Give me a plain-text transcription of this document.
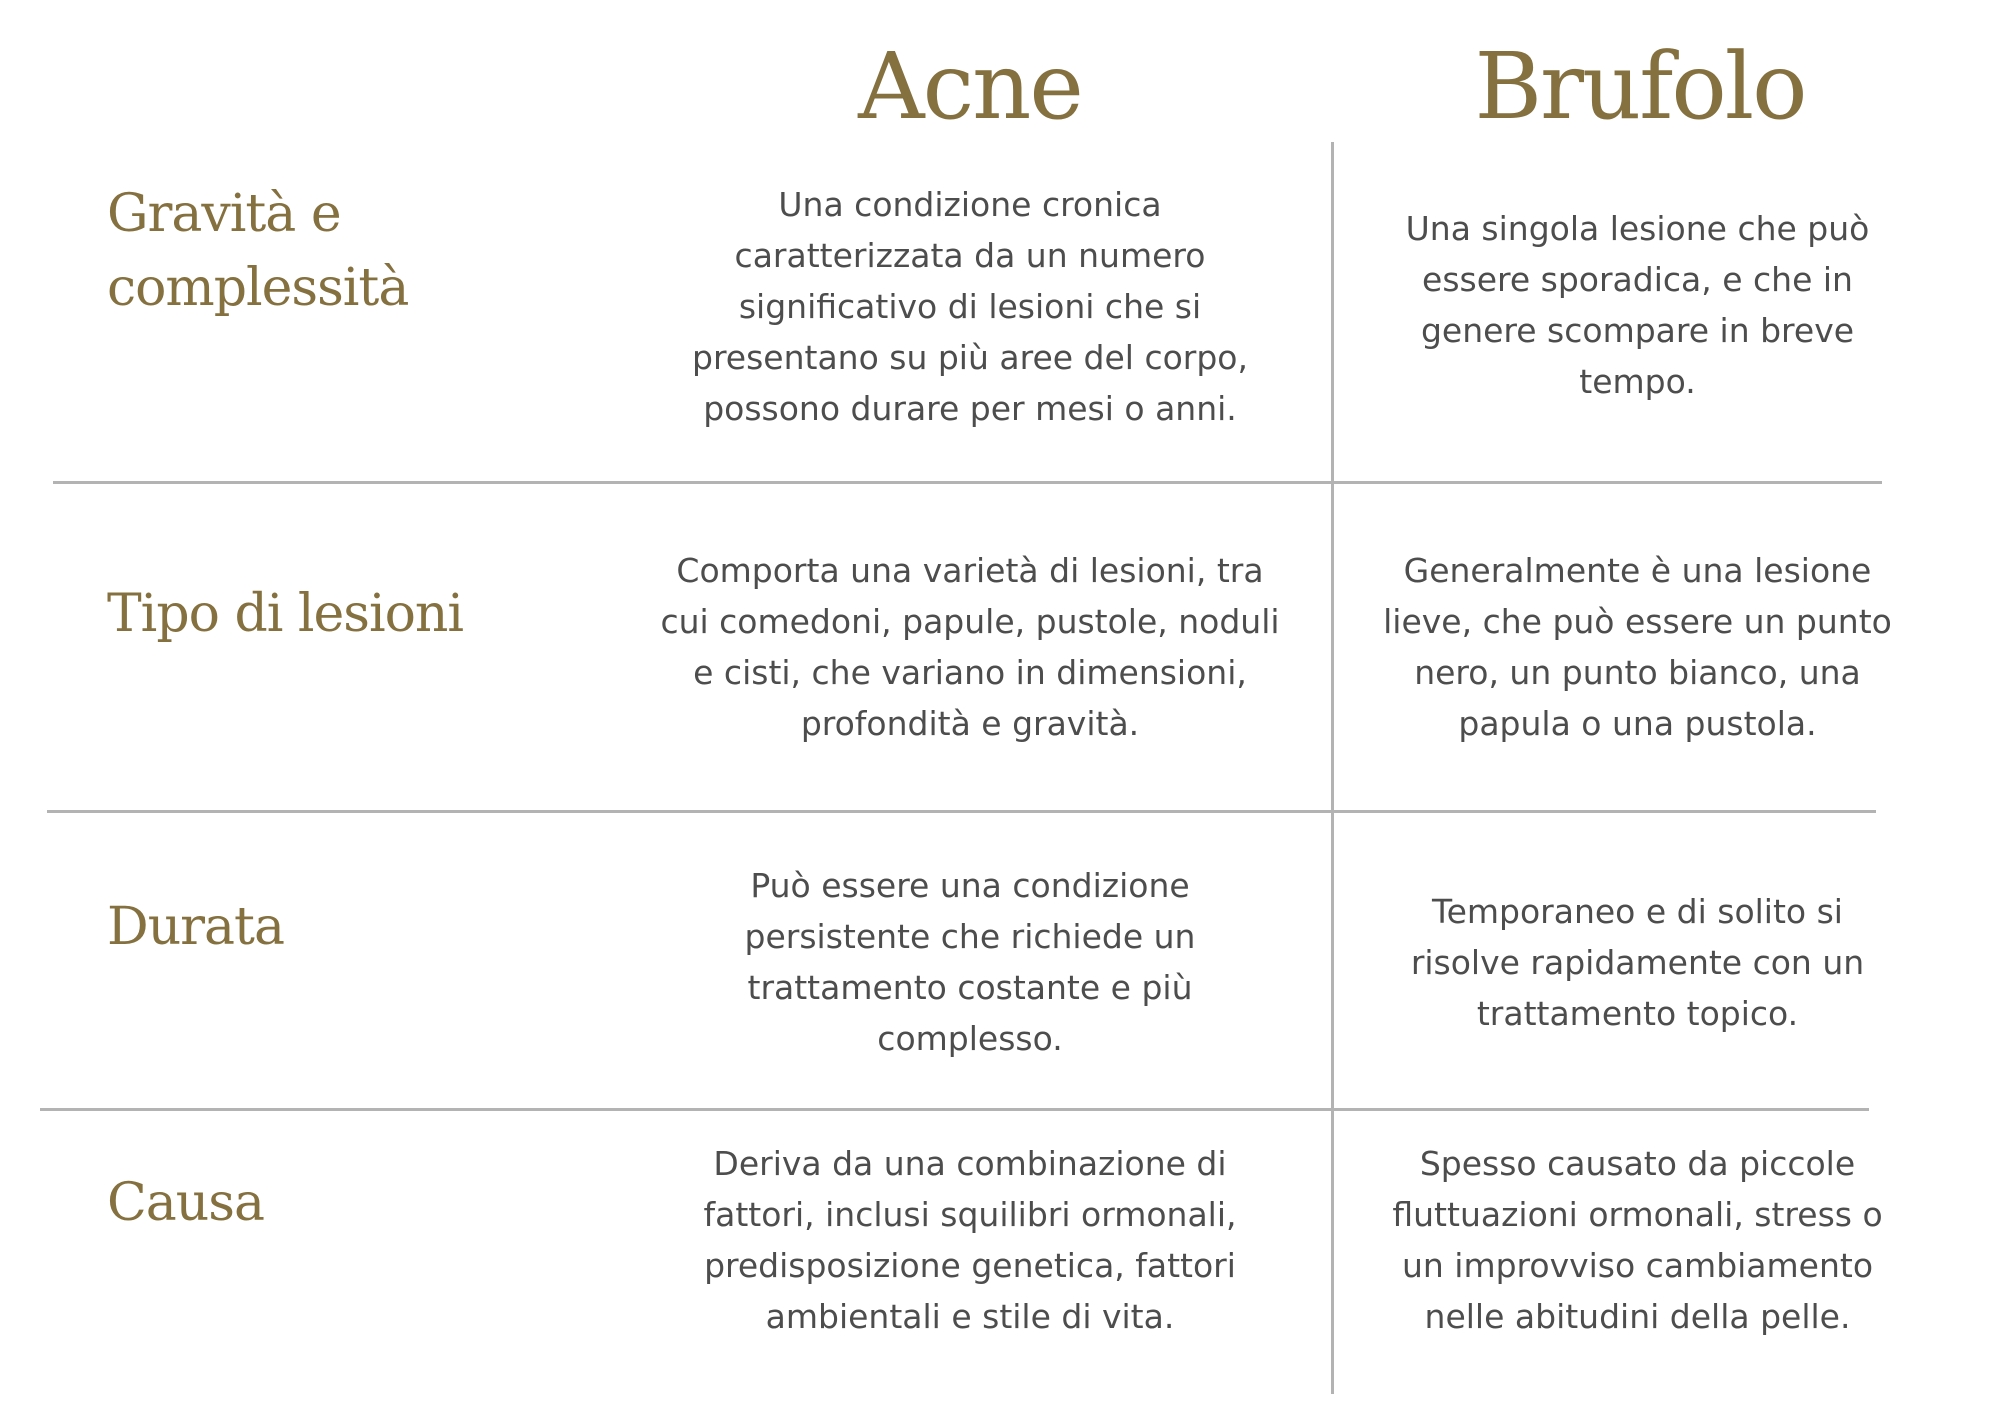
Acne	Brufolo
Gravità e complessità
Una condizione cronica caratterizzata da un numero significativo di lesioni che si presentano su più aree del corpo, possono durare per mesi o anni.
Una singola lesione che può essere sporadica, e che in genere scompare in breve tempo.
Tipo di lesioni
Comporta una varietà di lesioni, tra cui comedoni, papule, pustole, noduli e cisti, che variano in dimensioni, profondità e gravità.
Generalmente è una lesione lieve, che può essere un punto nero, un punto bianco, una papula o una pustola.
Durata
Può essere una condizione persistente che richiede un trattamento costante e più complesso.
Temporaneo e di solito si risolve rapidamente con un trattamento topico.
Causa
Deriva da una combinazione di fattori, inclusi squilibri ormonali, predisposizione genetica, fattori ambientali e stile di vita.
Spesso causato da piccole fluttuazioni ormonali, stress o un improvviso cambiamento nelle abitudini della pelle.
